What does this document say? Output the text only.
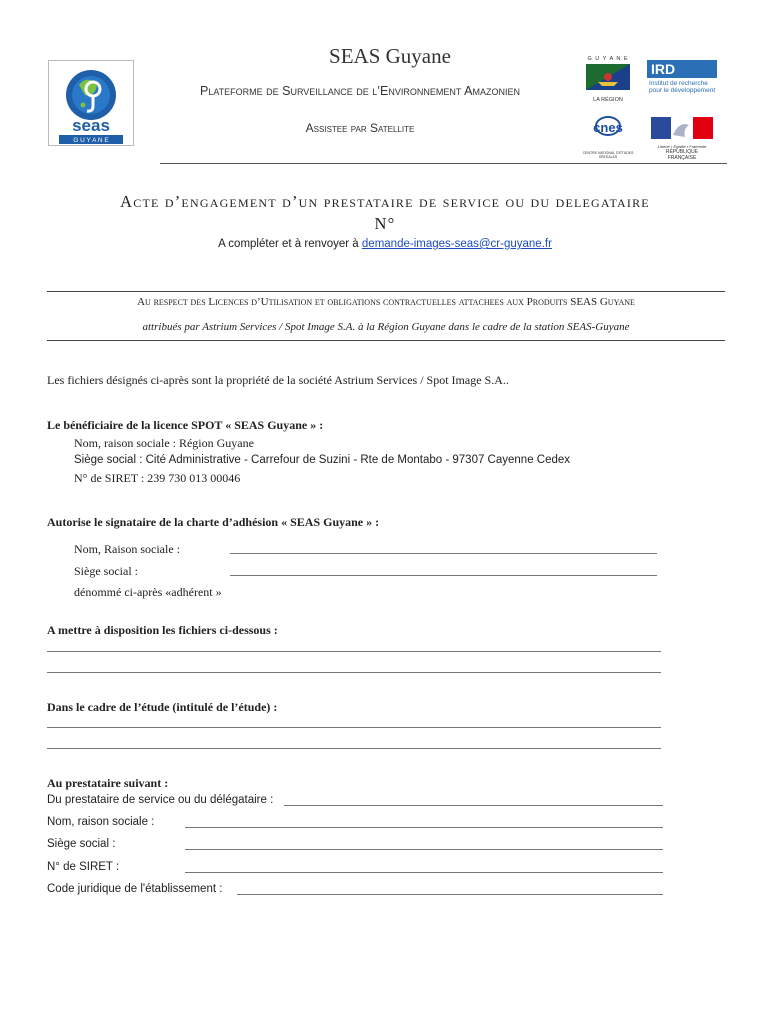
seas
G U Y A N E
SEAS Guyane
Plateforme de Surveillance de l’Environnement Amazonien
Assistee par Satellite
G U Y A N E
LA RÉGION
IRD
Institut de recherche
pour le développement
cnes
CENTRE NATIONAL D'ÉTUDES SPATIALES
Liberté • Égalité • Fraternité
RÉPUBLIQUE FRANÇAISE
Acte d’engagement d’un prestataire de service ou du delegataire
N°
A compléter et à renvoyer à demande-images-seas@cr-guyane.fr
Au respect des Licences d’Utilisation et obligations contractuelles attachees aux Produits SEAS Guyane
attribués par Astrium Services / Spot Image S.A. à la Région Guyane dans le cadre de la station SEAS-Guyane
Les fichiers désignés ci-après sont la propriété de la société Astrium Services / Spot Image S.A..
Le bénéficiaire de la licence SPOT « SEAS Guyane » :
Nom, raison sociale : Région Guyane
Siège social : Cité Administrative - Carrefour de Suzini - Rte de Montabo - 97307 Cayenne Cedex
N° de SIRET : 239 730 013 00046
Autorise le signataire de la charte d’adhésion « SEAS Guyane » :
Nom, Raison sociale :
Siège social :
dénommé ci-après «adhérent »
A mettre à disposition les fichiers ci-dessous :
Dans le cadre de l’étude (intitulé de l’étude) :
Au prestataire suivant :
Du prestataire de service ou du délégataire :
Nom, raison sociale :
Siège social :
N° de SIRET :
Code juridique de l'établissement :
